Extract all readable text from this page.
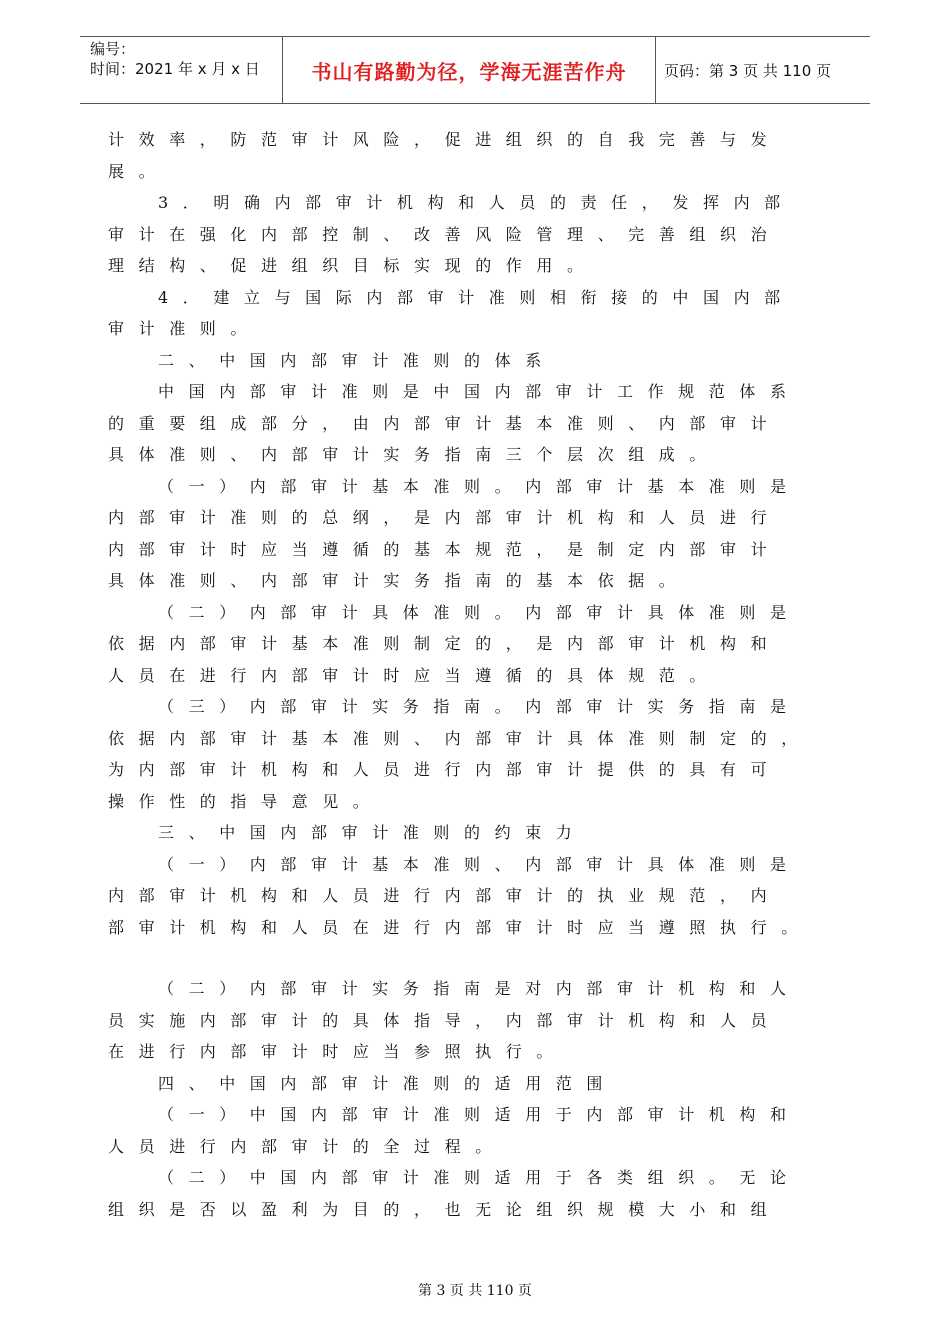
编号：
时间：2021 年 x 月 x 日	书山有路勤为径，学海无涯苦作舟	页码：第 3 页 共 110 页
计效率，防范审计风险，促进组织的自我完善与发
展。
3．明确内部审计机构和人员的责任，发挥内部
审计在强化内部控制、改善风险管理、完善组织治
理结构、促进组织目标实现的作用。
4．建立与国际内部审计准则相衔接的中国内部
审计准则。
二、中国内部审计准则的体系
中国内部审计准则是中国内部审计工作规范体系
的重要组成部分，由内部审计基本准则、内部审计
具体准则、内部审计实务指南三个层次组成。
（一）内部审计基本准则。内部审计基本准则是
内部审计准则的总纲，是内部审计机构和人员进行
内部审计时应当遵循的基本规范，是制定内部审计
具体准则、内部审计实务指南的基本依据。
（二）内部审计具体准则。内部审计具体准则是
依据内部审计基本准则制定的，是内部审计机构和
人员在进行内部审计时应当遵循的具体规范。
（三）内部审计实务指南。内部审计实务指南是
依据内部审计基本准则、内部审计具体准则制定的，
为内部审计机构和人员进行内部审计提供的具有可
操作性的指导意见。
三、中国内部审计准则的约束力
（一）内部审计基本准则、内部审计具体准则是
内部审计机构和人员进行内部审计的执业规范，内
部审计机构和人员在进行内部审计时应当遵照执行。
（二）内部审计实务指南是对内部审计机构和人
员实施内部审计的具体指导，内部审计机构和人员
在进行内部审计时应当参照执行。
四、中国内部审计准则的适用范围
（一）中国内部审计准则适用于内部审计机构和
人员进行内部审计的全过程。
（二）中国内部审计准则适用于各类组织。无论
组织是否以盈利为目的，也无论组织规模大小和组
第 3 页 共 110 页
